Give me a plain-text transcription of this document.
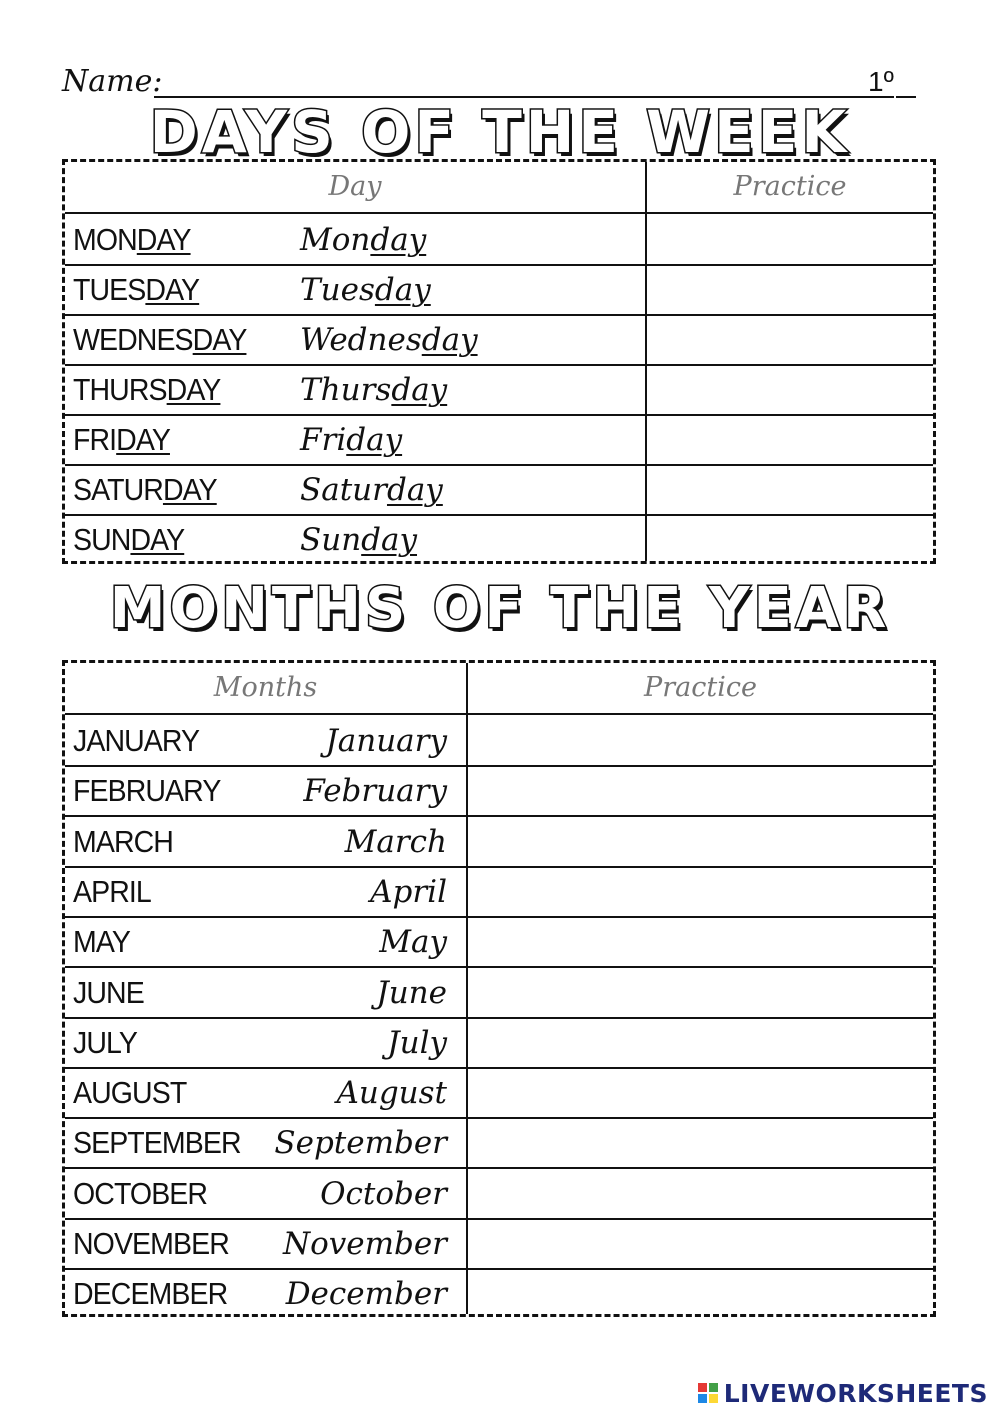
Name:	1º
DAYS OF THE WEEK
Day	Practice
MONDAY	Monday
TUESDAY	Tuesday
WEDNESDAY Wednesday
THURSDAY	Thursday
FRIDAY	Friday
SATURDAY	Saturday
SUNDAY	Sunday
MONTHS OF THE YEAR
Months	Practice
JANUARY	January
FEBRUARY	February
MARCH	March
APRIL	April
MAY	May
JUNE	June
JULY	July
AUGUST	August
SEPTEMBER September
OCTOBER	October
NOVEMBER November
DECEMBER December
LIVEWORKSHEETS
